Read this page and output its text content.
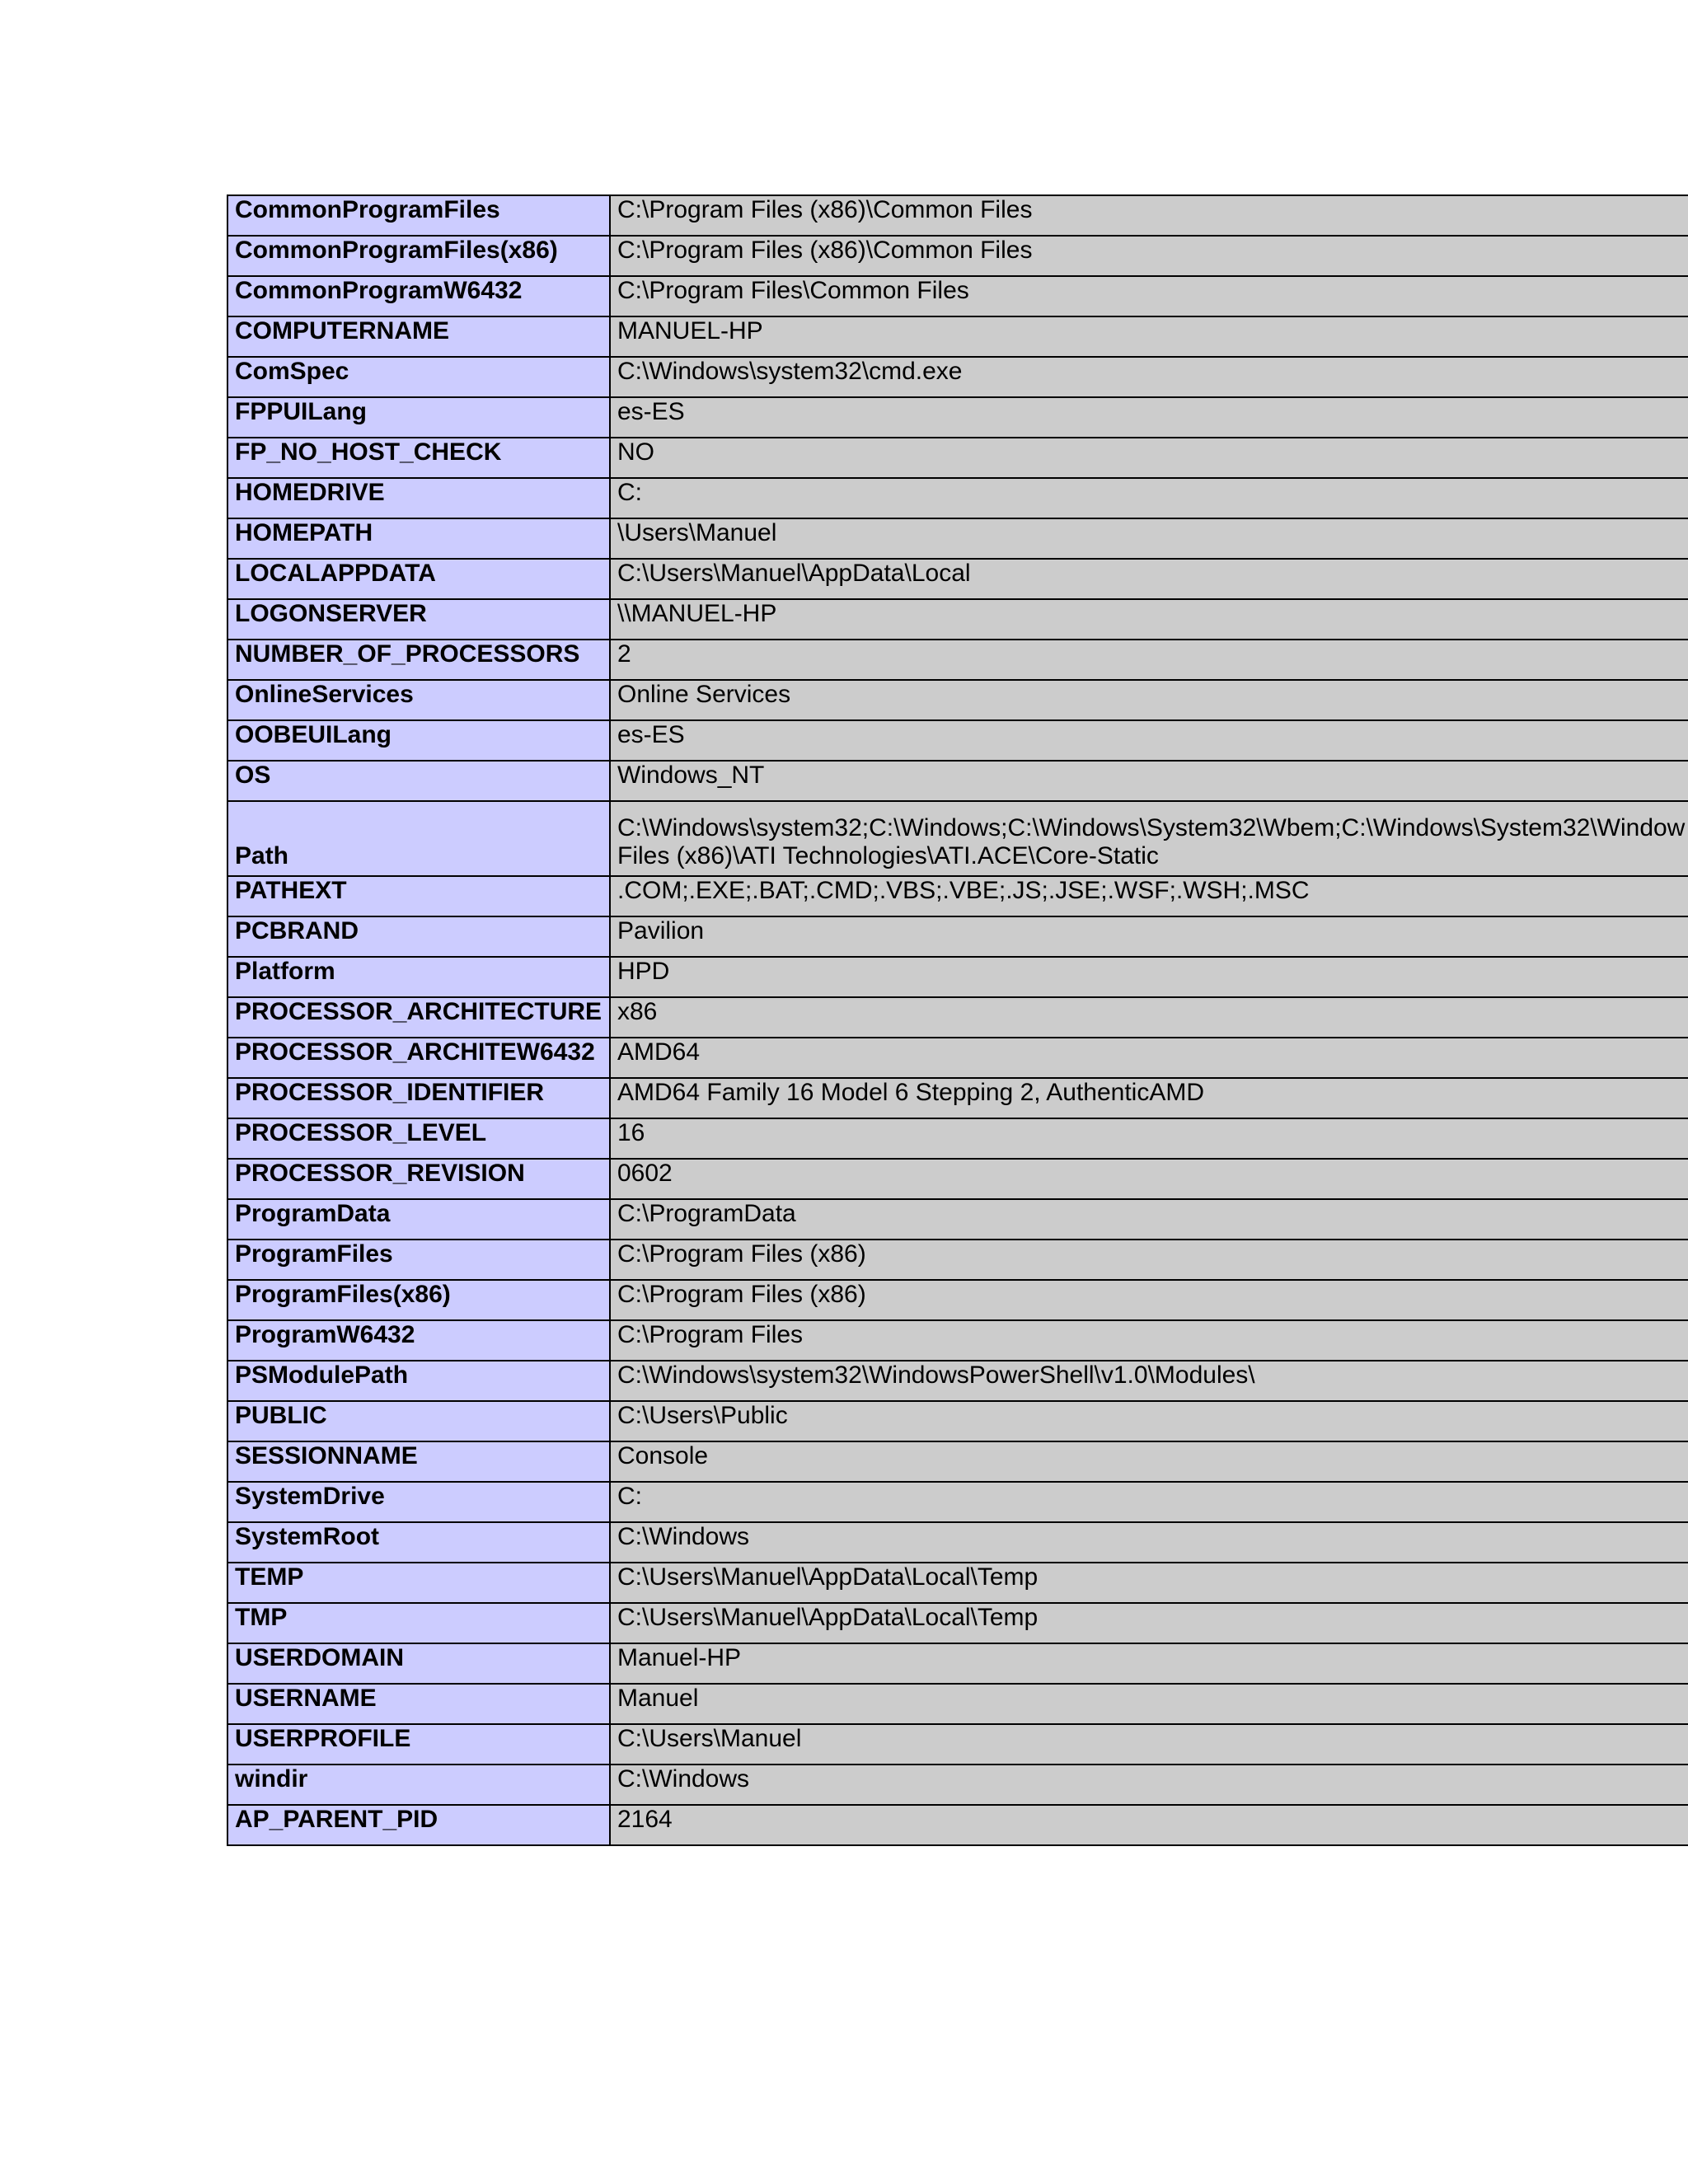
CommonProgramFiles	C:\Program Files (x86)\Common Files
CommonProgramFiles(x86)	C:\Program Files (x86)\Common Files
CommonProgramW6432	C:\Program Files\Common Files
COMPUTERNAME	MANUEL-HP
ComSpec	C:\Windows\system32\cmd.exe
FPPUILang	es-ES
FP_NO_HOST_CHECK	NO
HOMEDRIVE	C:
HOMEPATH	\Users\Manuel
LOCALAPPDATA	C:\Users\Manuel\AppData\Local
LOGONSERVER	\\MANUEL-HP
NUMBER_OF_PROCESSORS	2
OnlineServices	Online Services
OOBEUILang	es-ES
OS	Windows_NT
Path	C:\Windows\system32;C:\Windows;C:\Windows\System32\Wbem;C:\Windows\System32\Window
Files (x86)\ATI Technologies\ATI.ACE\Core-Static

PATHEXT	.COM;.EXE;.BAT;.CMD;.VBS;.VBE;.JS;.JSE;.WSF;.WSH;.MSC
PCBRAND	Pavilion
Platform	HPD
PROCESSOR_ARCHITECTURE	x86
PROCESSOR_ARCHITEW6432	AMD64
PROCESSOR_IDENTIFIER	AMD64 Family 16 Model 6 Stepping 2, AuthenticAMD
PROCESSOR_LEVEL	16
PROCESSOR_REVISION	0602
ProgramData	C:\ProgramData
ProgramFiles	C:\Program Files (x86)
ProgramFiles(x86)	C:\Program Files (x86)
ProgramW6432	C:\Program Files
PSModulePath	C:\Windows\system32\WindowsPowerShell\v1.0\Modules\
PUBLIC	C:\Users\Public
SESSIONNAME	Console
SystemDrive	C:
SystemRoot	C:\Windows
TEMP	C:\Users\Manuel\AppData\Local\Temp
TMP	C:\Users\Manuel\AppData\Local\Temp
USERDOMAIN	Manuel-HP
USERNAME	Manuel
USERPROFILE	C:\Users\Manuel
windir	C:\Windows
AP_PARENT_PID	2164
